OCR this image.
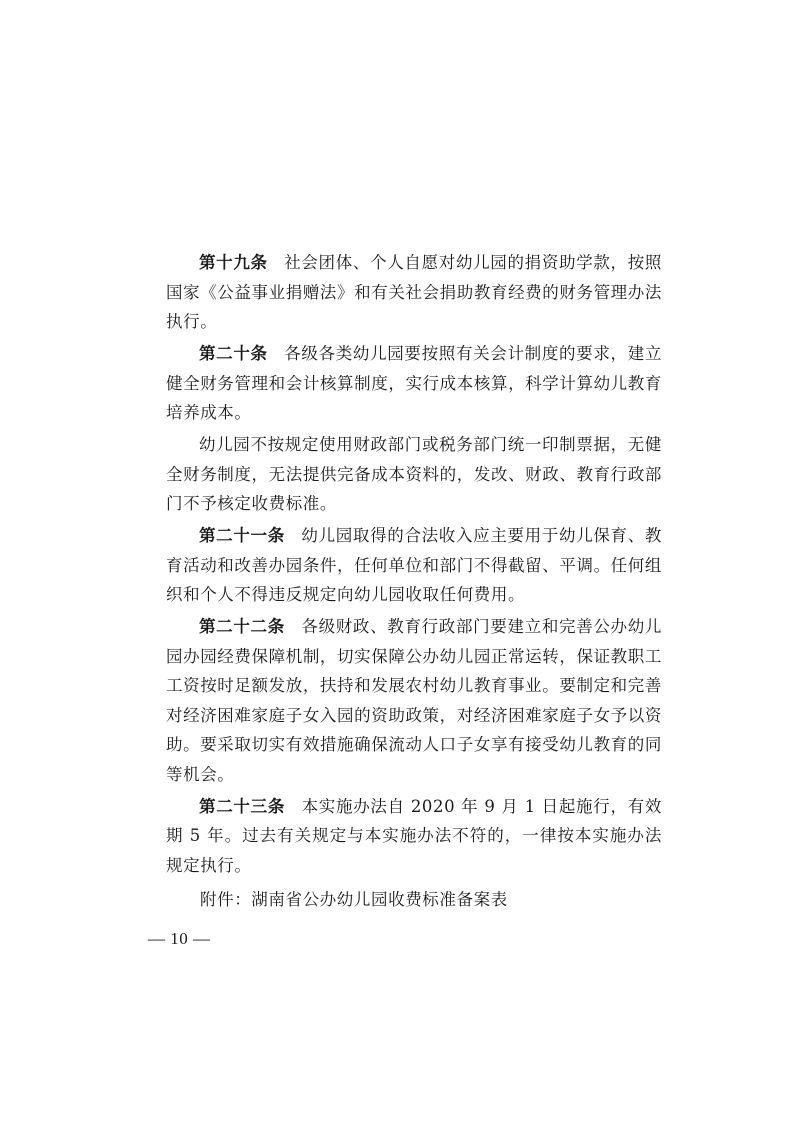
第十九条 社会团体、个人自愿对幼儿园的捐资助学款，按照国家《公益事业捐赠法》和有关社会捐助教育经费的财务管理办法执行。

第二十条 各级各类幼儿园要按照有关会计制度的要求，建立健全财务管理和会计核算制度，实行成本核算，科学计算幼儿教育培养成本。

幼儿园不按规定使用财政部门或税务部门统一印制票据，无健全财务制度，无法提供完备成本资料的，发改、财政、教育行政部门不予核定收费标准。

第二十一条 幼儿园取得的合法收入应主要用于幼儿保育、教育活动和改善办园条件，任何单位和部门不得截留、平调。任何组织和个人不得违反规定向幼儿园收取任何费用。

第二十二条 各级财政、教育行政部门要建立和完善公办幼儿园办园经费保障机制，切实保障公办幼儿园正常运转，保证教职工工资按时足额发放，扶持和发展农村幼儿教育事业。要制定和完善对经济困难家庭子女入园的资助政策，对经济困难家庭子女予以资助。要采取切实有效措施确保流动人口子女享有接受幼儿教育的同等机会。

第二十三条 本实施办法自 2020 年 9 月 1 日起施行，有效期 5 年。过去有关规定与本实施办法不符的，一律按本实施办法规定执行。

附件：湖南省公办幼儿园收费标准备案表
— 10 —
